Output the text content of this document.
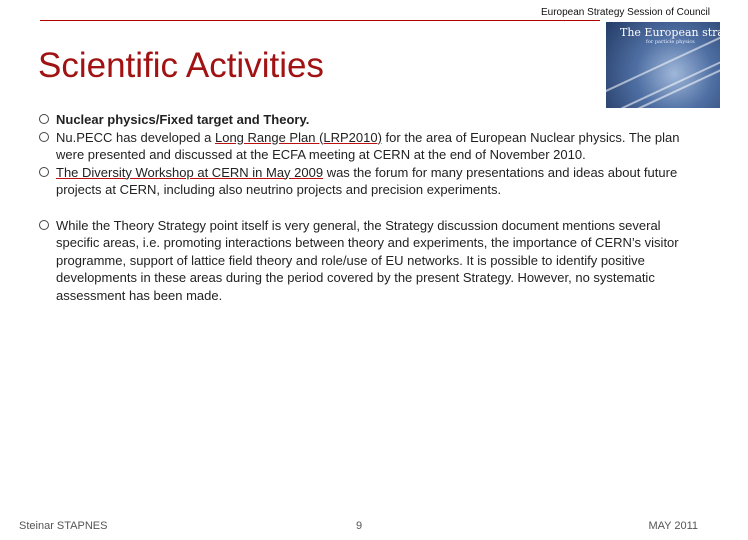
European Strategy Session of Council
The European strategy
for particle physics
Scientific Activities
Nuclear physics/Fixed target and Theory.
Nu.PECC has developed a Long Range Plan (LRP2010) for the area of European Nuclear physics. The plan were presented and discussed at the ECFA meeting at CERN at the end of November 2010.
The Diversity Workshop at CERN in May 2009 was the forum for many presentations and ideas about future projects at CERN, including also neutrino projects and precision experiments.
While the Theory Strategy point itself is very general, the Strategy discussion document mentions several specific areas, i.e. promoting interactions between theory and experiments, the importance of CERN’s visitor programme, support of lattice field theory and role/use of EU networks. It is possible to identify positive developments in these areas during the period covered by the present Strategy. However, no systematic assessment has been made.
Steinar STAPNES	9	MAY 2011
